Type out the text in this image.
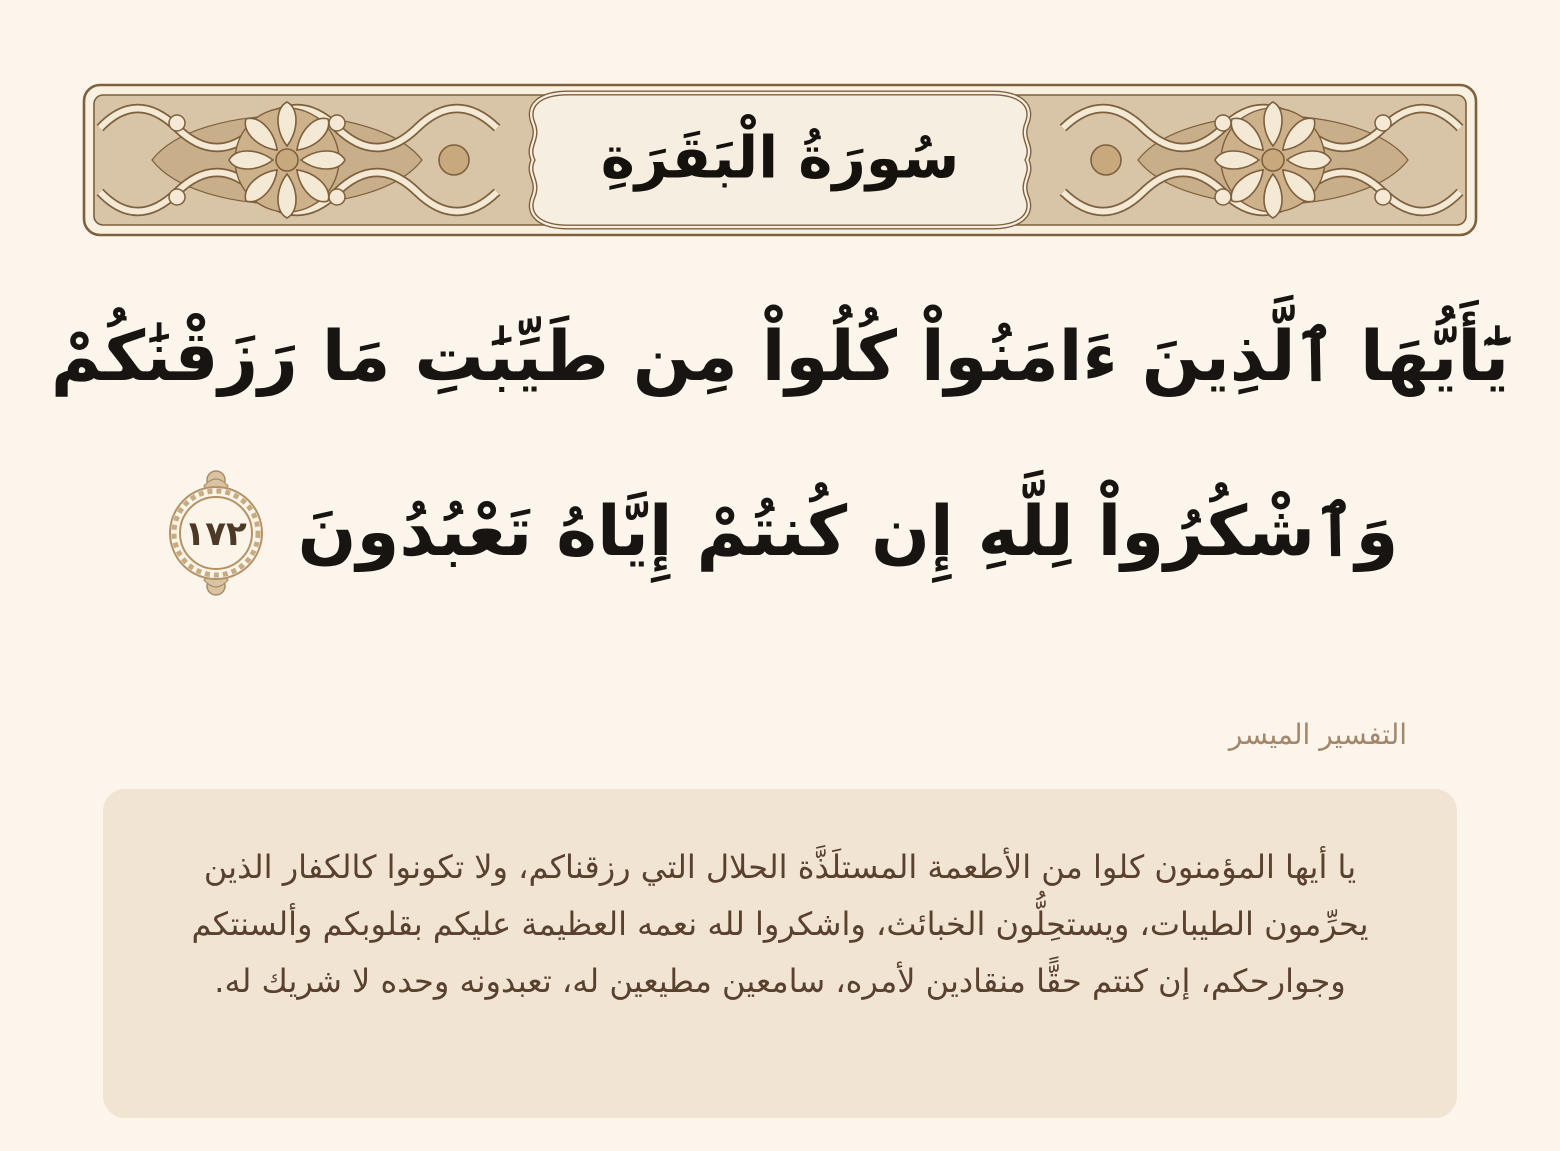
سُورَةُ الْبَقَرَةِ
يَٰٓأَيُّهَا ٱلَّذِينَ ءَامَنُواْ كُلُواْ مِن طَيِّبَٰتِ مَا رَزَقْنَٰكُمْ
وَٱشْكُرُواْ لِلَّهِ إِن كُنتُمْ إِيَّاهُ تَعْبُدُونَ
١٧٢
التفسير الميسر

يا أيها المؤمنون كلوا من الأطعمة المستلَذَّة الحلال التي رزقناكم، ولا تكونوا كالكفار الذين يحرِّمون الطيبات، ويستحِلُّون الخبائث، واشكروا لله نعمه العظيمة عليكم بقلوبكم وألسنتكم وجوارحكم، إن كنتم حقًّا منقادين لأمره، سامعين مطيعين له، تعبدونه وحده لا شريك له.
